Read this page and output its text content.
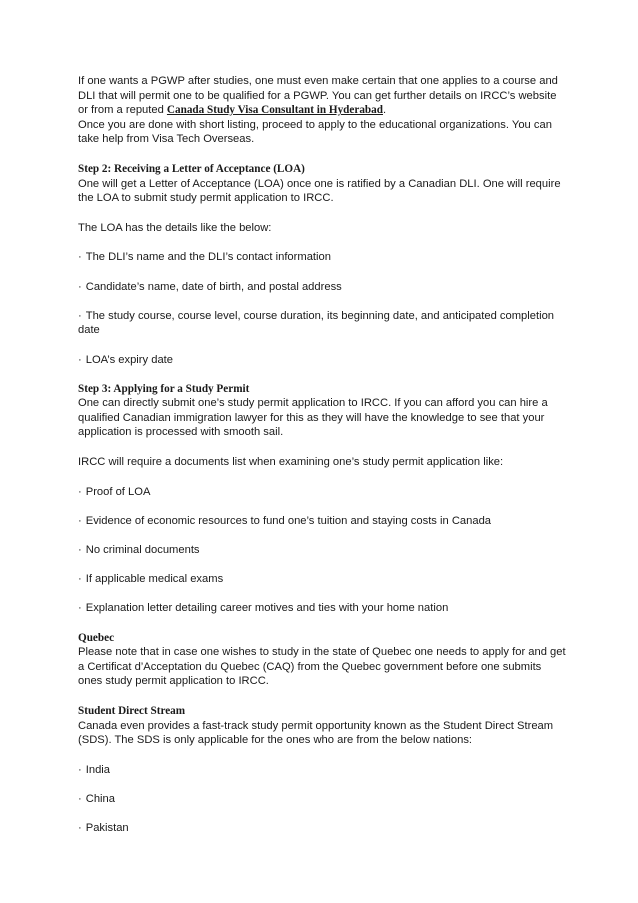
If one wants a PGWP after studies, one must even make certain that one applies to a course and DLI that will permit one to be qualified for a PGWP. You can get further details on IRCC’s website or from a reputed Canada Study Visa Consultant in Hyderabad.

Once you are done with short listing, proceed to apply to the educational organizations. You can take help from Visa Tech Overseas.

Step 2: Receiving a Letter of Acceptance (LOA)

One will get a Letter of Acceptance (LOA) once one is ratified by a Canadian DLI. One will require the LOA to submit study permit application to IRCC.

The LOA has the details like the below:

· The DLI’s name and the DLI’s contact information

· Candidate’s name, date of birth, and postal address

· The study course, course level, course duration, its beginning date, and anticipated completion date

· LOA’s expiry date

Step 3: Applying for a Study Permit

One can directly submit one’s study permit application to IRCC. If you can afford you can hire a qualified Canadian immigration lawyer for this as they will have the knowledge to see that your application is processed with smooth sail.

IRCC will require a documents list when examining one’s study permit application like:

· Proof of LOA

· Evidence of economic resources to fund one’s tuition and staying costs in Canada

· No criminal documents

· If applicable medical exams

· Explanation letter detailing career motives and ties with your home nation

Quebec

Please note that in case one wishes to study in the state of Quebec one needs to apply for and get a Certificat d’Acceptation du Quebec (CAQ) from the Quebec government before one submits ones study permit application to IRCC.

Student Direct Stream

Canada even provides a fast-track study permit opportunity known as the Student Direct Stream (SDS). The SDS is only applicable for the ones who are from the below nations:

· India

· China

· Pakistan
